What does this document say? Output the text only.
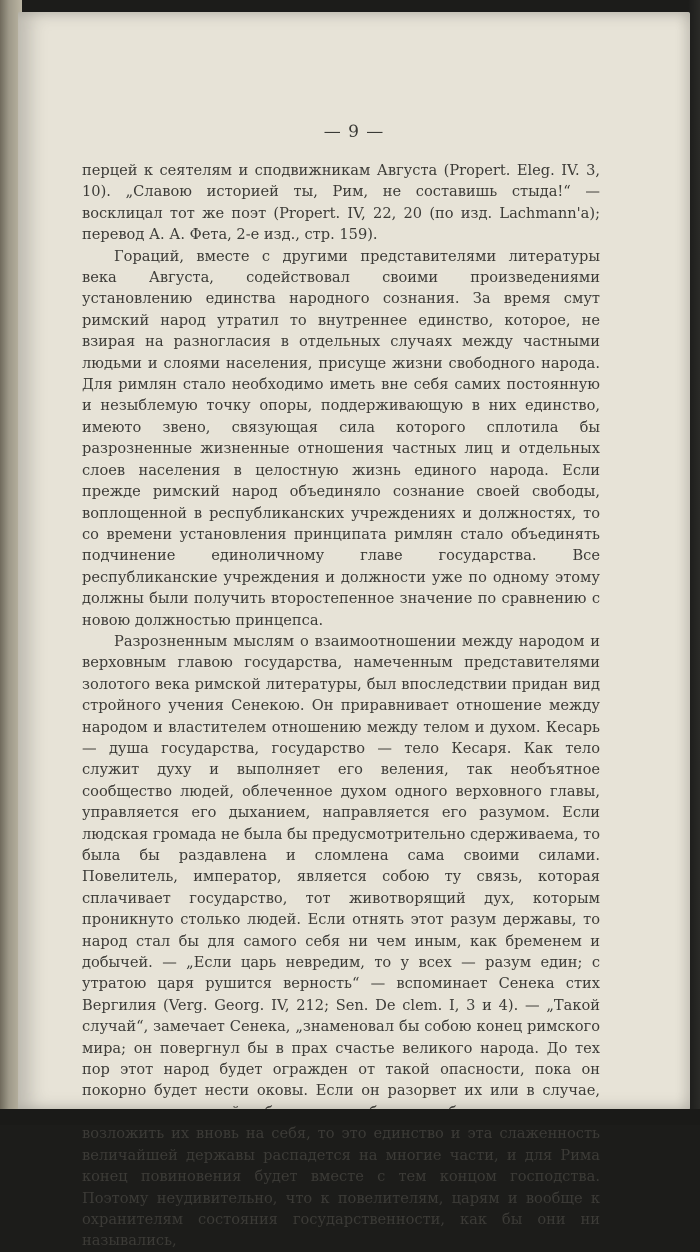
— 9 —

перцей к сеятелям и сподвижникам Августа (Propert. Eleg. IV. 3, 10). „Славою историей ты, Рим, не составишь стыда!“ — восклицал тот же поэт (Propert. IV, 22, 20 (по изд. Lachmann'a); перевод А. А. Фета, 2-е изд., стр. 159).

Гораций, вместе с другими представителями литературы века Августа, содействовал своими произведениями установлению единства народного сознания. За время смут римский народ утратил то внутреннее единство, которое, не взирая на разногласия в отдельных случаях между частными людьми и слоями населения, присуще жизни свободного народа. Для римлян стало необходимо иметь вне себя самих постоянную и незыблемую точку опоры, поддерживающую в них единство, имеюто звено, связующая сила которого сплотила бы разрозненные жизненные отношения частных лиц и отдельных слоев населения в целостную жизнь единого народа. Если прежде римский народ объединяло сознание своей свободы, воплощенной в республиканских учреждениях и должностях, то со времени установления принципата римлян стало объединять подчинение единоличному главе государства. Все республиканские учреждения и должности уже по одному этому должны были получить второстепенное значение по сравнению с новою должностью принцепса.

Разрозненным мыслям о взаимоотношении между народом и верховным главою государства, намеченным представителями золотого века римской литературы, был впоследствии придан вид стройного учения Сенекою. Он приравнивает отношение между народом и властителем отношению между телом и духом. Кесарь — душа государства, государство — тело Кесаря. Как тело служит духу и выполняет его веления, так необъятное сообщество людей, облеченное духом одного верховного главы, управляется его дыханием, направляется его разумом. Если людская громада не была бы предусмотрительно сдерживаема, то была бы раздавлена и сломлена сама своими силами. Повелитель, император, является собою ту связь, которая сплачивает государство, тот животворящий дух, которым проникнуто столько людей. Если отнять этот разум державы, то народ стал бы для самого себя ни чем иным, как бременем и добычей. — „Если царь невредим, то у всех — разум един; с утратою царя рушится верность“ — вспоминает Сенека стих Вергилия (Verg. Georg. IV, 212; Sen. De clem. I, 3 и 4). — „Такой случай“, замечает Сенека, „знаменовал бы собою конец римского мира; он повергнул бы в прах счастье великого народа. До тех пор этот народ будет огражден от такой опасности, пока он покорно будет нести оковы. Если он разорвет их или в случае, возложить их вновь на себя, то это единство и эта слаженность величайшей державы распадется на многие части, и для Рима конец повиновения будет вместе с тем концом господства. Поэтому неудивительно, что к повелителям, царям и вообще к охранителям состояния государственности, как бы они ни назывались,
